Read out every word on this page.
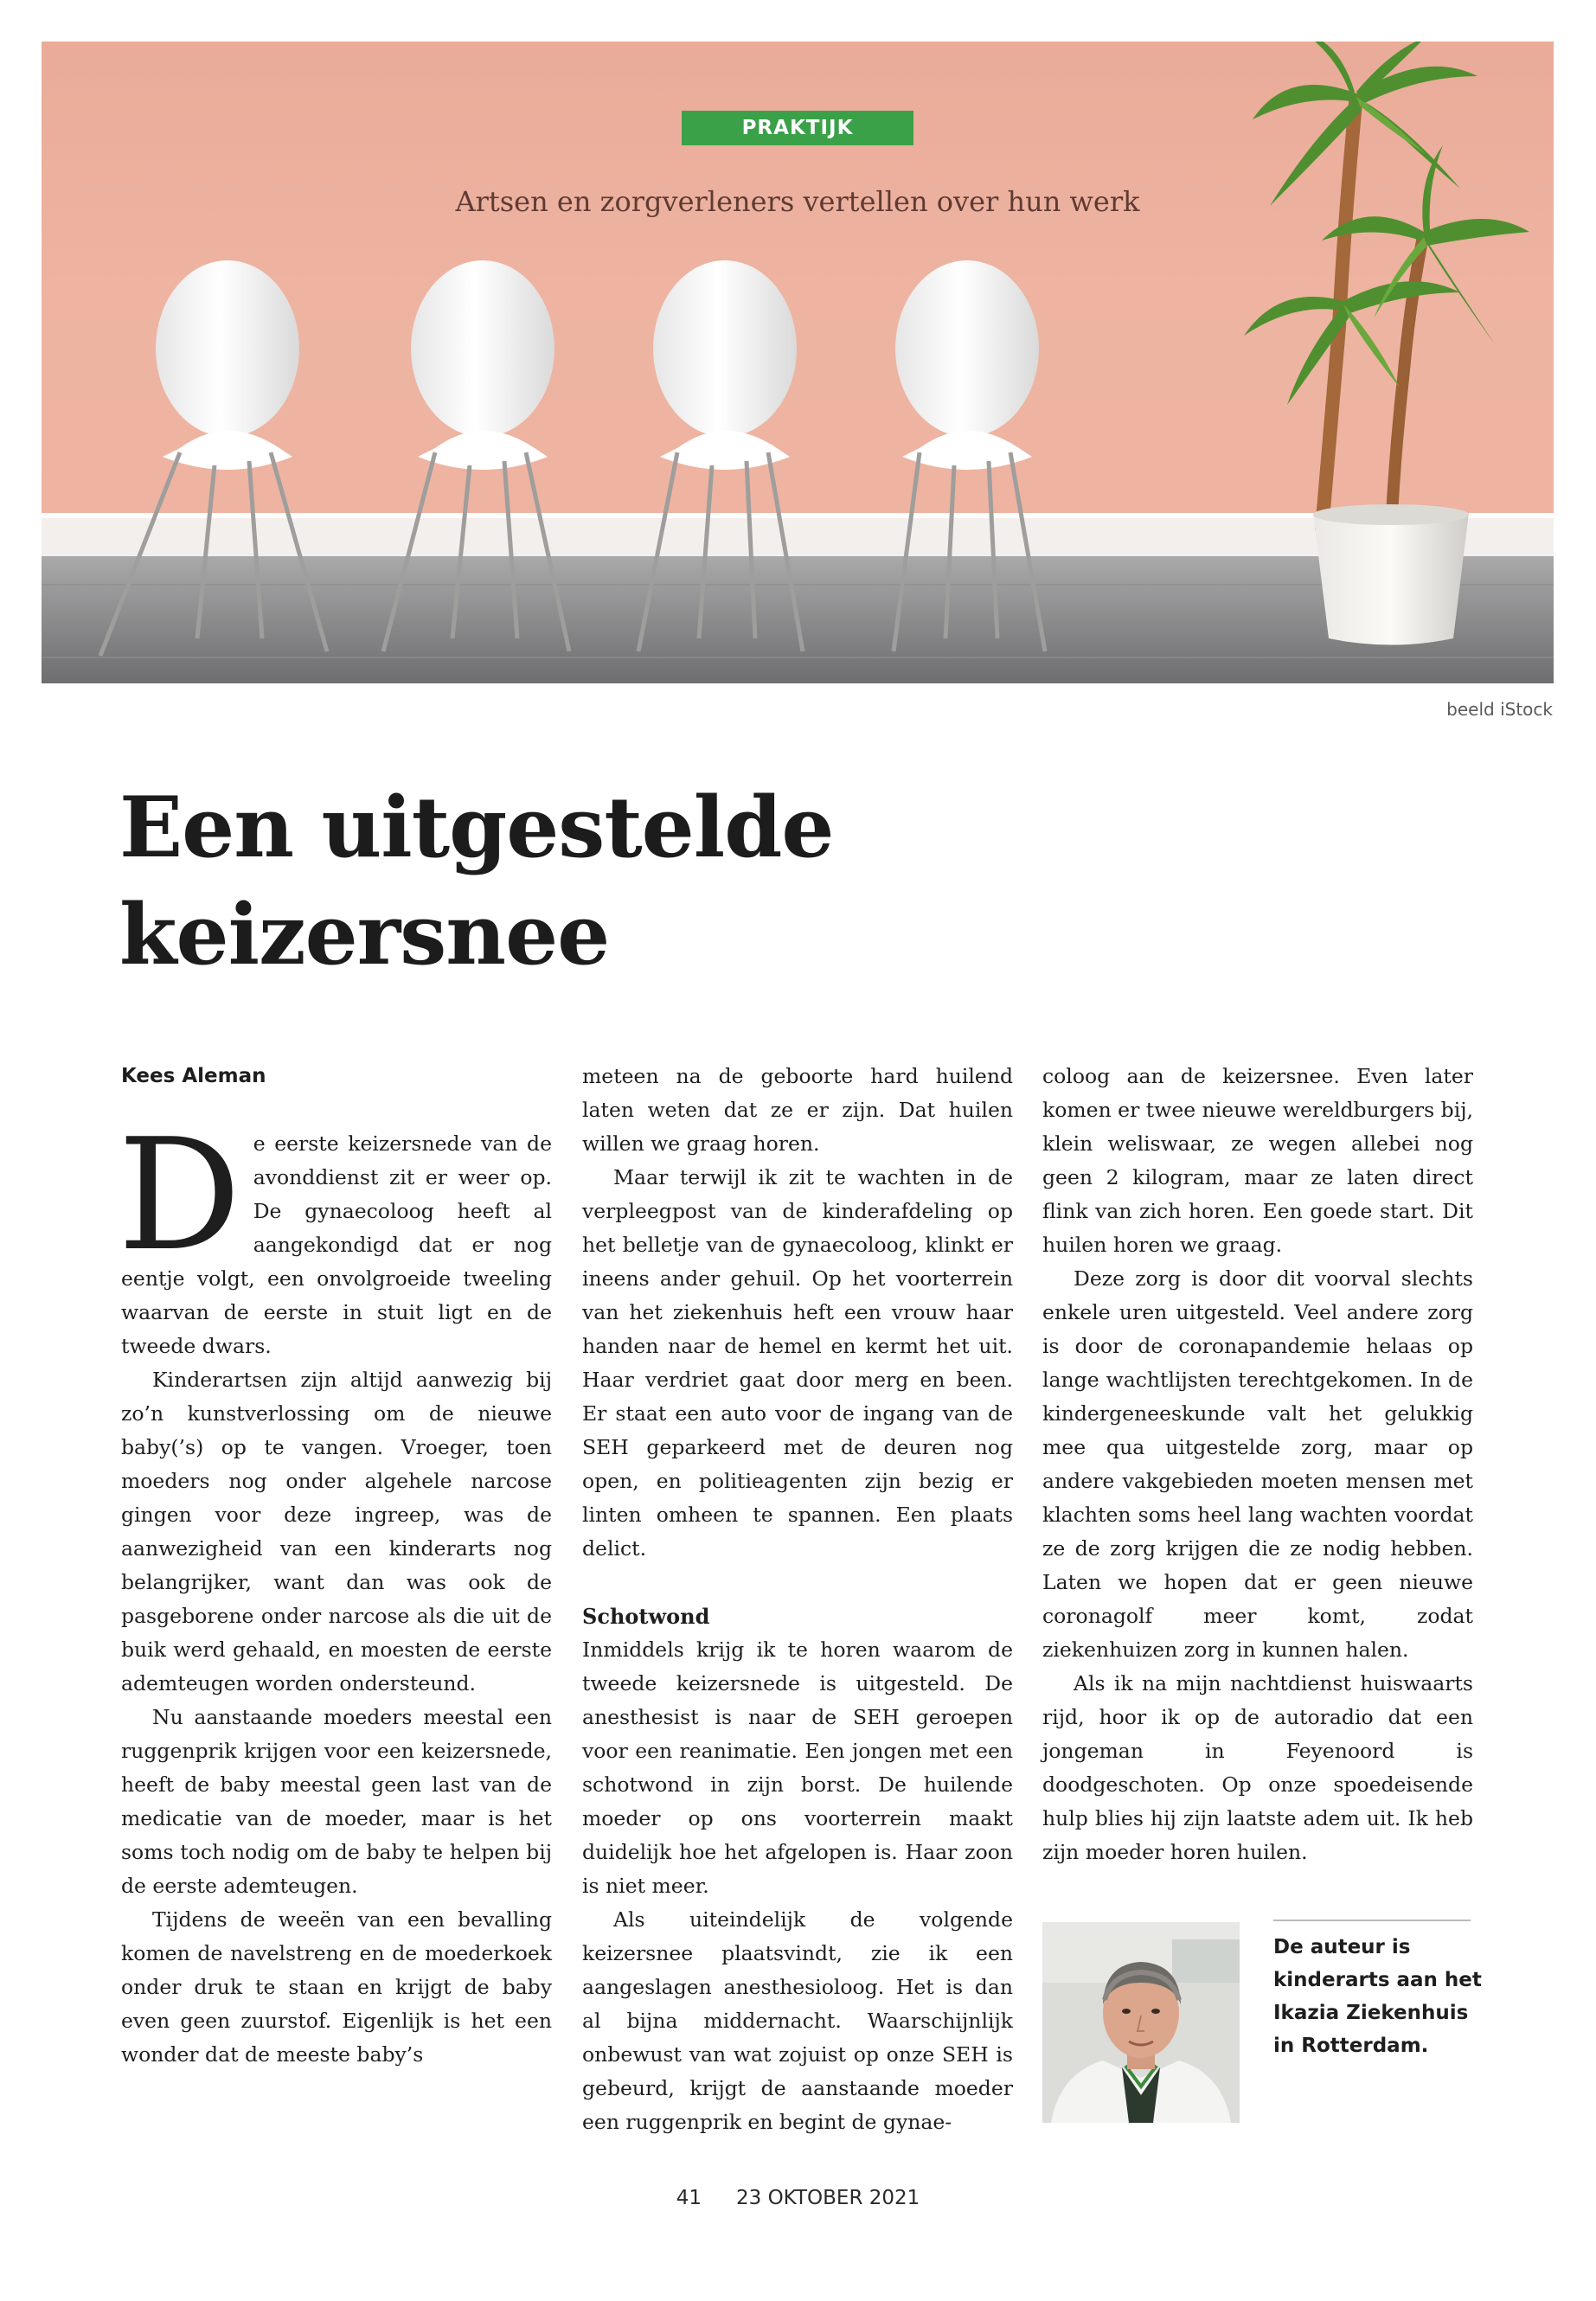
PRAKTIJK
Artsen en zorgverleners vertellen over hun werk
beeld iStock
Een uitgestelde
keizersnee
Kees Aleman

De eerste keizersnede van de avonddienst zit er weer op. De gynaecoloog heeft al aangekondigd dat er nog eentje volgt, een onvolgroeide tweeling waarvan de eerste in stuit ligt en de tweede dwars.

Kinderartsen zijn altijd aanwezig bij zo’n kunstverlossing om de nieuwe baby(’s) op te vangen. Vroeger, toen moeders nog onder algehele narcose gingen voor deze ingreep, was de aanwezigheid van een kinderarts nog belangrijker, want dan was ook de pasgeborene onder narcose als die uit de buik werd gehaald, en moesten de eerste ademteugen worden ondersteund.

Nu aanstaande moeders meestal een ruggenprik krijgen voor een keizersnede, heeft de baby meestal geen last van de medicatie van de moeder, maar is het soms toch nodig om de baby te helpen bij de eerste ademteugen.

Tijdens de weeën van een bevalling komen de navelstreng en de moederkoek onder druk te staan en krijgt de baby even geen zuurstof. Eigenlijk is het een wonder dat de meeste baby’s

meteen na de geboorte hard huilend laten weten dat ze er zijn. Dat huilen willen we graag horen.

Maar terwijl ik zit te wachten in de verpleegpost van de kinderafdeling op het belletje van de gynaecoloog, klinkt er ineens ander gehuil. Op het voorterrein van het ziekenhuis heft een vrouw haar handen naar de hemel en kermt het uit. Haar verdriet gaat door merg en been. Er staat een auto voor de ingang van de SEH geparkeerd met de deuren nog open, en politieagenten zijn bezig er linten omheen te spannen. Een plaats delict.

Schotwond

Inmiddels krijg ik te horen waarom de tweede keizersnede is uitgesteld. De anesthesist is naar de SEH geroepen voor een reanimatie. Een jongen met een schotwond in zijn borst. De huilende moeder op ons voorterrein maakt duidelijk hoe het afgelopen is. Haar zoon is niet meer.

Als uiteindelijk de volgende keizersnee plaatsvindt, zie ik een aangeslagen anesthesioloog. Het is dan al bijna middernacht. Waarschijnlijk onbewust van wat zojuist op onze SEH is gebeurd, krijgt de aanstaande moeder een ruggenprik en begint de gynae-

coloog aan de keizersnee. Even later komen er twee nieuwe wereldburgers bij, klein weliswaar, ze wegen allebei nog geen 2 kilogram, maar ze laten direct flink van zich horen. Een goede start. Dit huilen horen we graag.

Deze zorg is door dit voorval slechts enkele uren uitgesteld. Veel andere zorg is door de coronapandemie helaas op lange wachtlijsten terechtgekomen. In de kindergeneeskunde valt het gelukkig mee qua uitgestelde zorg, maar op andere vakgebieden moeten mensen met klachten soms heel lang wachten voordat ze de zorg krijgen die ze nodig hebben. Laten we hopen dat er geen nieuwe coronagolf meer komt, zodat ziekenhuizen zorg in kunnen halen.

Als ik na mijn nachtdienst huiswaarts rijd, hoor ik op de autoradio dat een jongeman in Feyenoord is doodgeschoten. Op onze spoedeisende hulp blies hij zijn laatste adem uit. Ik heb zijn moeder horen huilen.

De auteur is
kinderarts aan het
Ikazia Ziekenhuis
in Rotterdam.
41 23 OKTOBER 2021
